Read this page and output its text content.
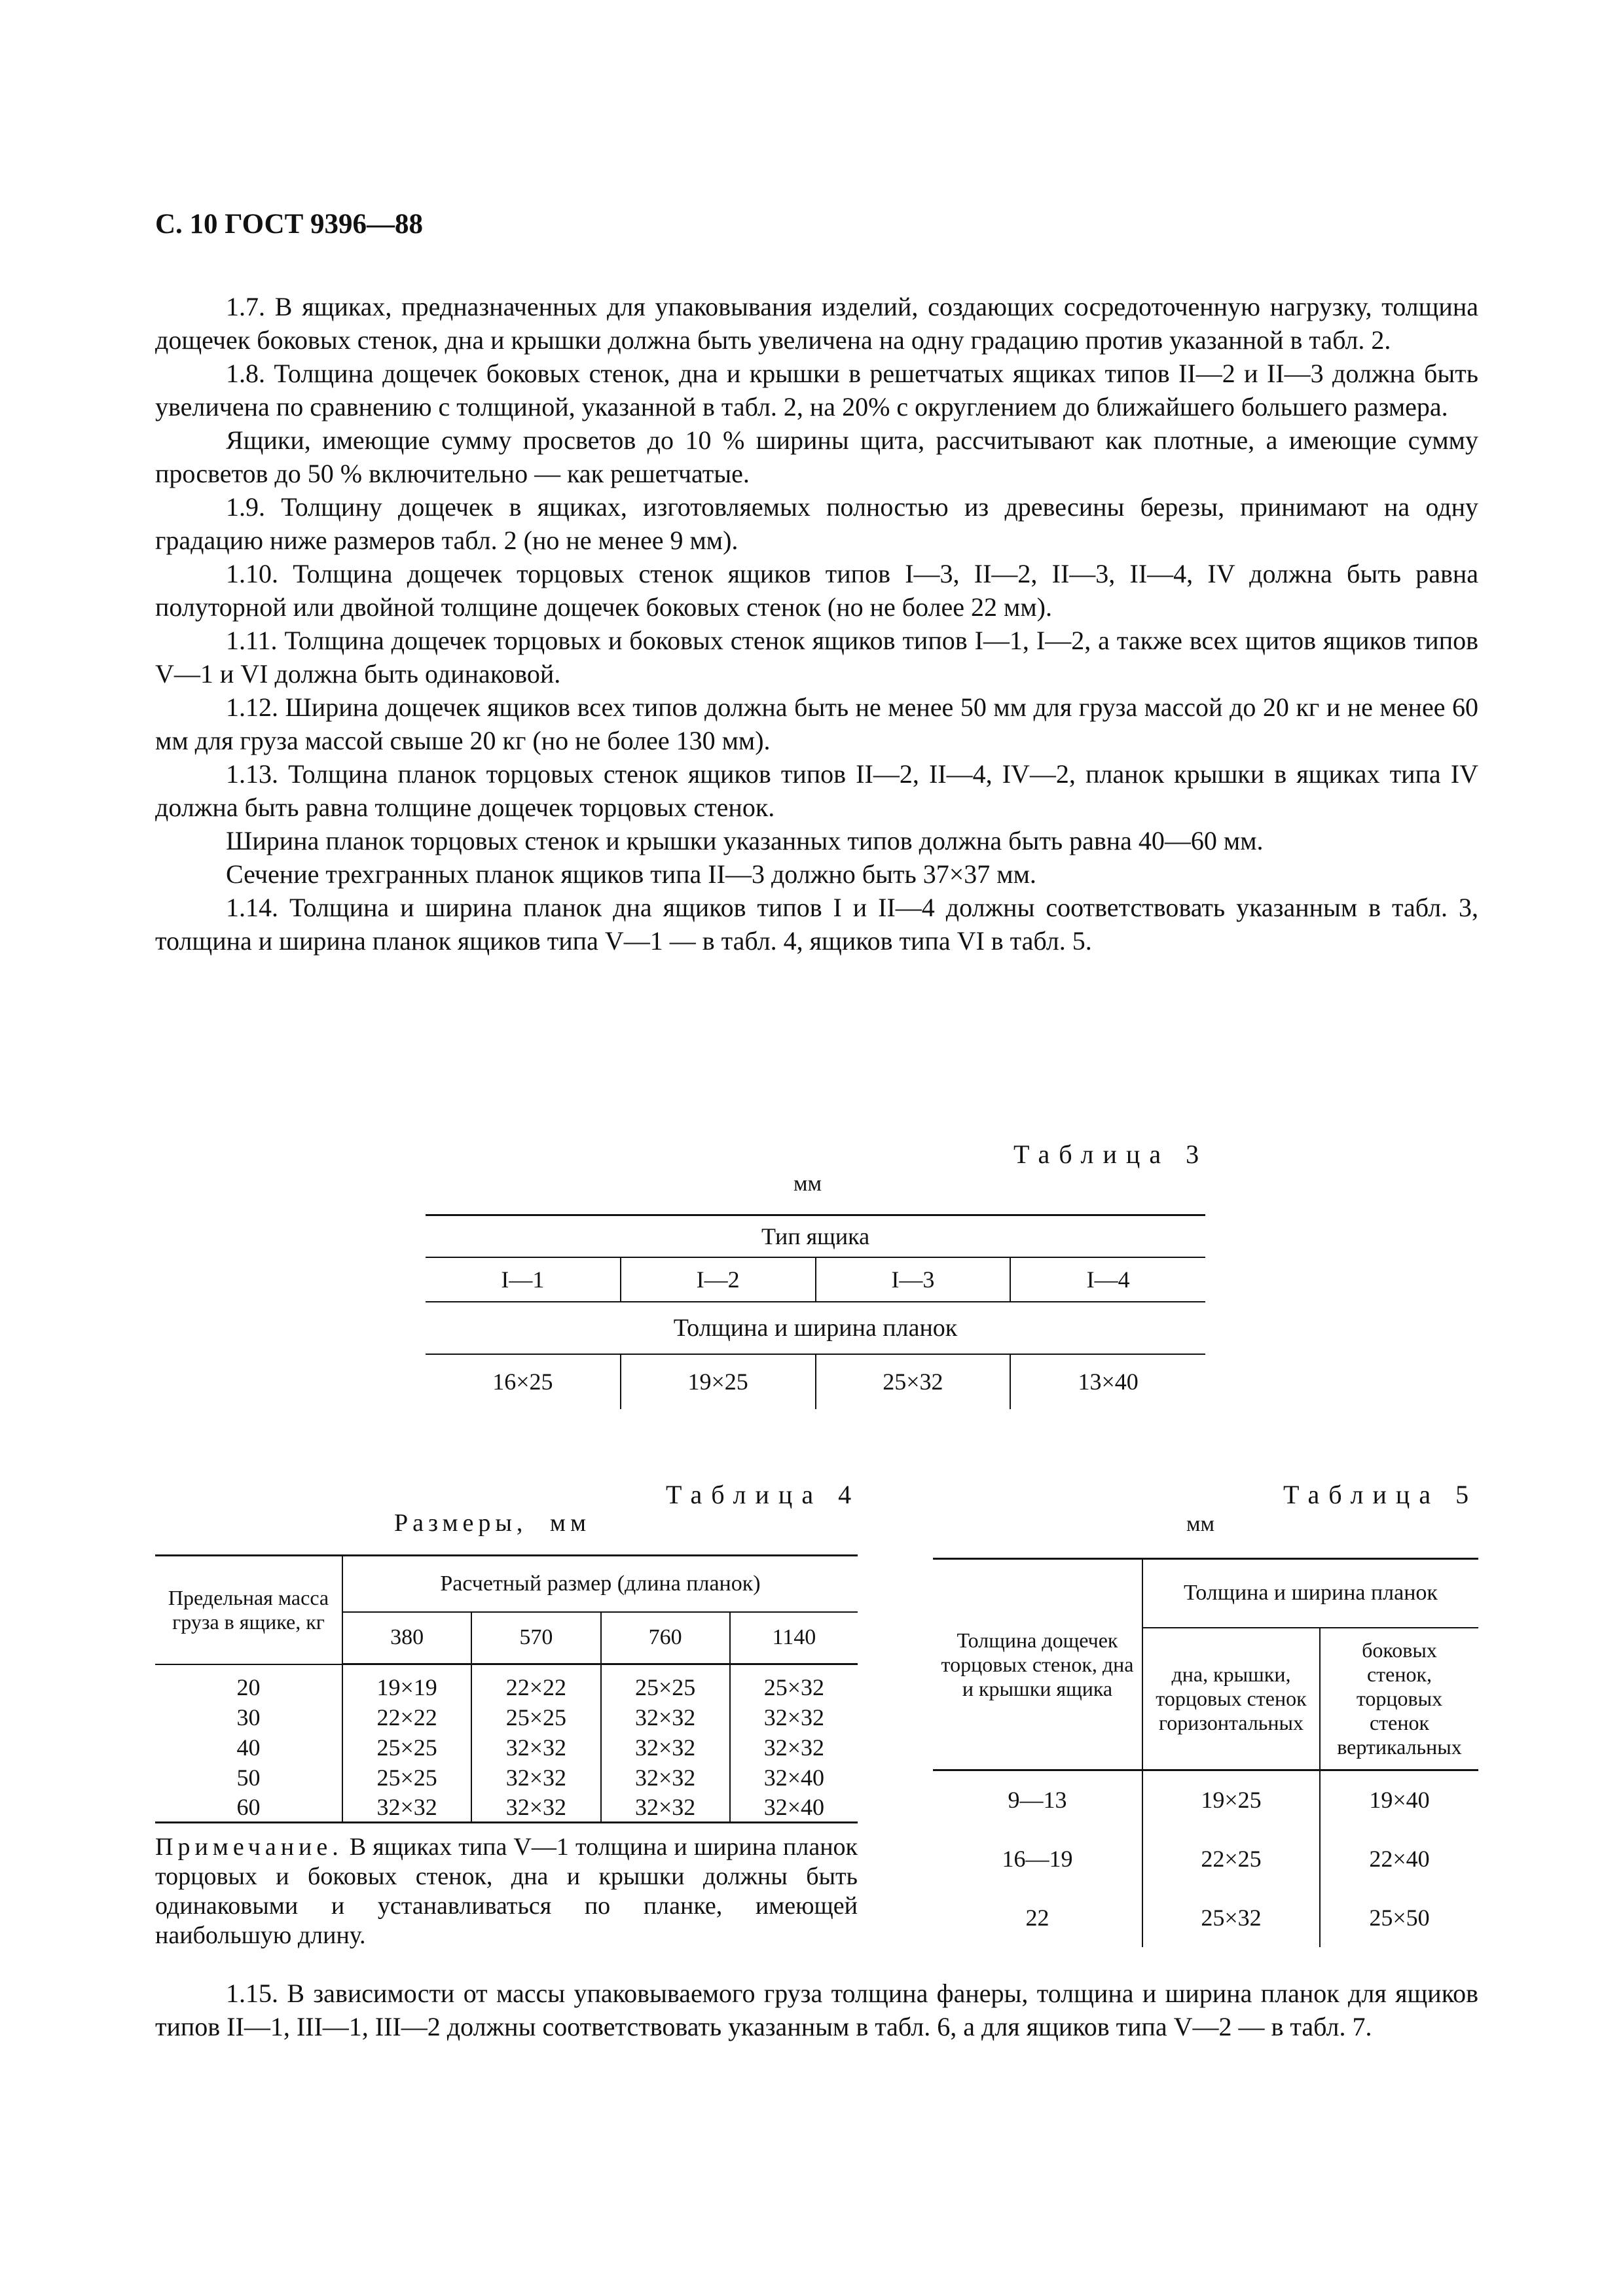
С. 10 ГОСТ 9396—88

1.7. В ящиках, предназначенных для упаковывания изделий, создающих сосредоточенную нагрузку, толщина дощечек боковых стенок, дна и крышки должна быть увеличена на одну градацию против указанной в табл. 2.

1.8. Толщина дощечек боковых стенок, дна и крышки в решетчатых ящиках типов II—2 и II—3 должна быть увеличена по сравнению с толщиной, указанной в табл. 2, на 20% с округлением до ближайшего большего размера.

Ящики, имеющие сумму просветов до 10 % ширины щита, рассчитывают как плотные, а имеющие сумму просветов до 50 % включительно — как решетчатые.

1.9. Толщину дощечек в ящиках, изготовляемых полностью из древесины березы, принимают на одну градацию ниже размеров табл. 2 (но не менее 9 мм).

1.10. Толщина дощечек торцовых стенок ящиков типов I—3, II—2, II—3, II—4, IV должна быть равна полуторной или двойной толщине дощечек боковых стенок (но не более 22 мм).

1.11. Толщина дощечек торцовых и боковых стенок ящиков типов I—1, I—2, а также всех щитов ящиков типов V—1 и VI должна быть одинаковой.

1.12. Ширина дощечек ящиков всех типов должна быть не менее 50 мм для груза массой до 20 кг и не менее 60 мм для груза массой свыше 20 кг (но не более 130 мм).

1.13. Толщина планок торцовых стенок ящиков типов II—2, II—4, IV—2, планок крышки в ящиках типа IV должна быть равна толщине дощечек торцовых стенок.

Ширина планок торцовых стенок и крышки указанных типов должна быть равна 40—60 мм.

Сечение трехгранных планок ящиков типа II—3 должно быть 37×37 мм.

1.14. Толщина и ширина планок дна ящиков типов I и II—4 должны соответствовать указанным в табл. 3, толщина и ширина планок ящиков типа V—1 — в табл. 4, ящиков типа VI в табл. 5.

Таблица 3
мм
Тип ящика			
I—1	I—2	I—3	I—4
Толщина и ширина планок			
16×25	19×25	25×32	13×40
Таблица 4
Размеры, мм
Предельная масса груза в ящике, кг	Расчетный размер (длина планок)			
	380	570	760	1140

20	19×19	22×22	25×25	25×32
30	22×22	25×25	32×32	32×32
40	25×25	32×32	32×32	32×32
50	25×25	32×32	32×32	32×40
60	32×32	32×32	32×32	32×40

Примечание. В ящиках типа V—1 толщина и ширина планок торцовых и боковых стенок, дна и крышки должны быть одинаковыми и устанавливаться по планке, имеющей наибольшую длину.

Таблица 5
мм
Толщина дощечек торцовых стенок, дна и крышки ящика	Толщина и ширина планок	
	дна, крышки, торцовых стенок горизонтальных	боковых стенок, торцовых стенок вертикальных
9—13	19×25	19×40
16—19	22×25	22×40
22	25×32	25×50

1.15. В зависимости от массы упаковываемого груза толщина фанеры, толщина и ширина планок для ящиков типов II—1, III—1, III—2 должны соответствовать указанным в табл. 6, а для ящиков типа V—2 — в табл. 7.
